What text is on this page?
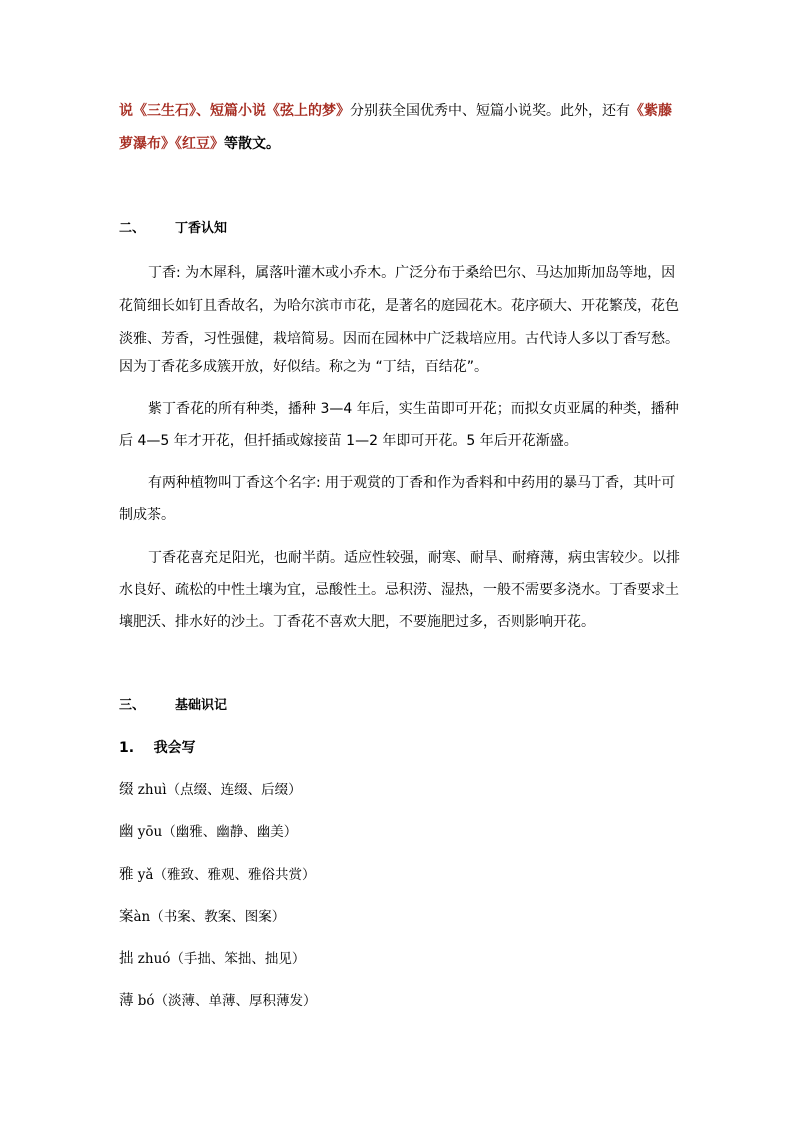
说《三生石》、短篇小说《弦上的梦》分别获全国优秀中、短篇小说奖。此外，还有《紫藤
萝瀑布》《红豆》等散文。
二、 丁香认知
丁香: 为木犀科，属落叶灌木或小乔木。广泛分布于桑给巴尔、马达加斯加岛等地，因
花简细长如钉且香故名，为哈尔滨市市花，是著名的庭园花木。花序硕大、开花繁茂，花色
淡雅、芳香，习性强健，栽培简易。因而在园林中广泛栽培应用。古代诗人多以丁香写愁。
因为丁香花多成簇开放，好似结。称之为 “丁结，百结花”。
紫丁香花的所有种类，播种 3—4 年后，实生苗即可开花；而拟女贞亚属的种类，播种
后 4—5 年才开花，但扦插或嫁接苗 1—2 年即可开花。5 年后开花渐盛。
有两种植物叫丁香这个名字: 用于观赏的丁香和作为香料和中药用的暴马丁香，其叶可
制成茶。
丁香花喜充足阳光，也耐半荫。适应性较强，耐寒、耐旱、耐瘠薄，病虫害较少。以排
水良好、疏松的中性土壤为宜，忌酸性土。忌积涝、湿热，一般不需要多浇水。丁香要求土
壤肥沃、排水好的沙土。丁香花不喜欢大肥，不要施肥过多，否则影响开花。
三、 基础识记
1. 我会写
缀 zhuì（点缀、连缀、后缀）
幽 yōu（幽雅、幽静、幽美）
雅 yǎ（雅致、雅观、雅俗共赏）
案àn（书案、教案、图案）
拙 zhuó（手拙、笨拙、拙见）
薄 bó（淡薄、单薄、厚积薄发）
